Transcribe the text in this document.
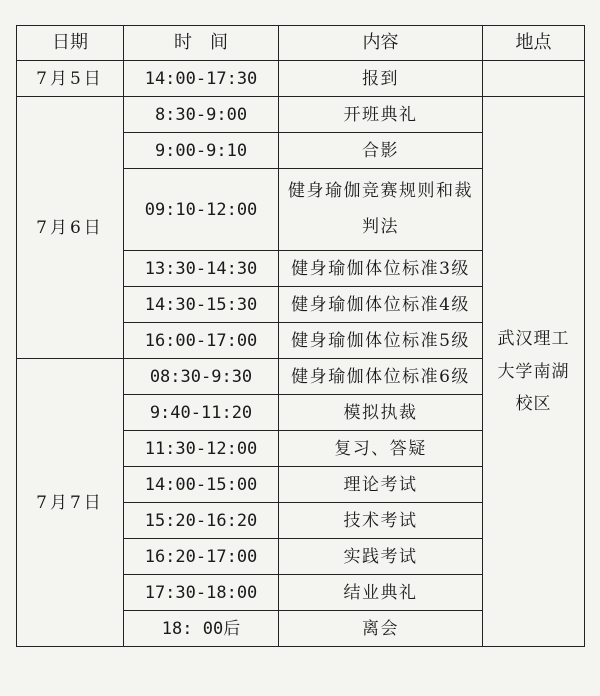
日期	时　间	内容	地点
7月5日	14:00-17:30	报到	
7月6日	8:30-9:00	开班典礼	武汉理工大学南湖校区

	9:00-9:10	合影	
	09:10-12:00	健身瑜伽竞赛规则和裁判法	
	13:30-14:30	健身瑜伽体位标准3级	
	14:30-15:30	健身瑜伽体位标准4级	
	16:00-17:00	健身瑜伽体位标准5级	
7月7日	08:30-9:30	健身瑜伽体位标准6级	
	9:40-11:20	模拟执裁	
	11:30-12:00	复习、答疑	
	14:00-15:00	理论考试	
	15:20-16:20	技术考试	
	16:20-17:00	实践考试	
	17:30-18:00	结业典礼	
	18: 00后	离会	
